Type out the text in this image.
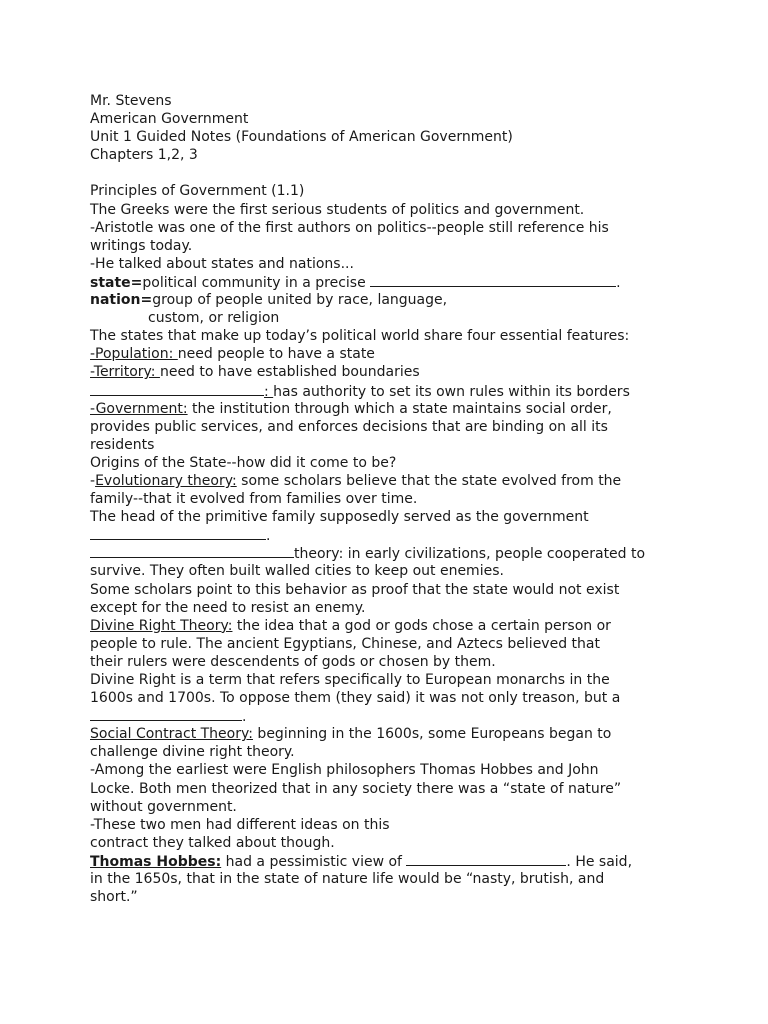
Mr. Stevens
American Government
Unit 1 Guided Notes (Foundations of American Government)
Chapters 1,2, 3
Principles of Government (1.1)
The Greeks were the first serious students of politics and government.
-Aristotle was one of the first authors on politics--people still reference his
writings today.
-He talked about states and nations...
state=political community in a precise	.
nation=group of people united by race, language,
custom, or religion
The states that make up today’s political world share four essential features:
-Population: need people to have a state
-Territory: need to have established boundaries
: has authority to set its own rules within its borders
-Government: the institution through which a state maintains social order,
provides public services, and enforces decisions that are binding on all its
residents
Origins of the State--how did it come to be?
-Evolutionary theory: some scholars believe that the state evolved from the
family--that it evolved from families over time.
The head of the primitive family supposedly served as the government
.
theory: in early civilizations, people cooperated to
survive. They often built walled cities to keep out enemies.
Some scholars point to this behavior as proof that the state would not exist
except for the need to resist an enemy.
Divine Right Theory: the idea that a god or gods chose a certain person or
people to rule. The ancient Egyptians, Chinese, and Aztecs believed that
their rulers were descendents of gods or chosen by them.
Divine Right is a term that refers specifically to European monarchs in the
1600s and 1700s. To oppose them (they said) it was not only treason, but a
.
Social Contract Theory: beginning in the 1600s, some Europeans began to
challenge divine right theory.
-Among the earliest were English philosophers Thomas Hobbes and John
Locke. Both men theorized that in any society there was a “state of nature”
without government.
-These two men had different ideas on this
contract they talked about though.
Thomas Hobbes: had a pessimistic view of	. He said,
in the 1650s, that in the state of nature life would be “nasty, brutish, and
short.”
